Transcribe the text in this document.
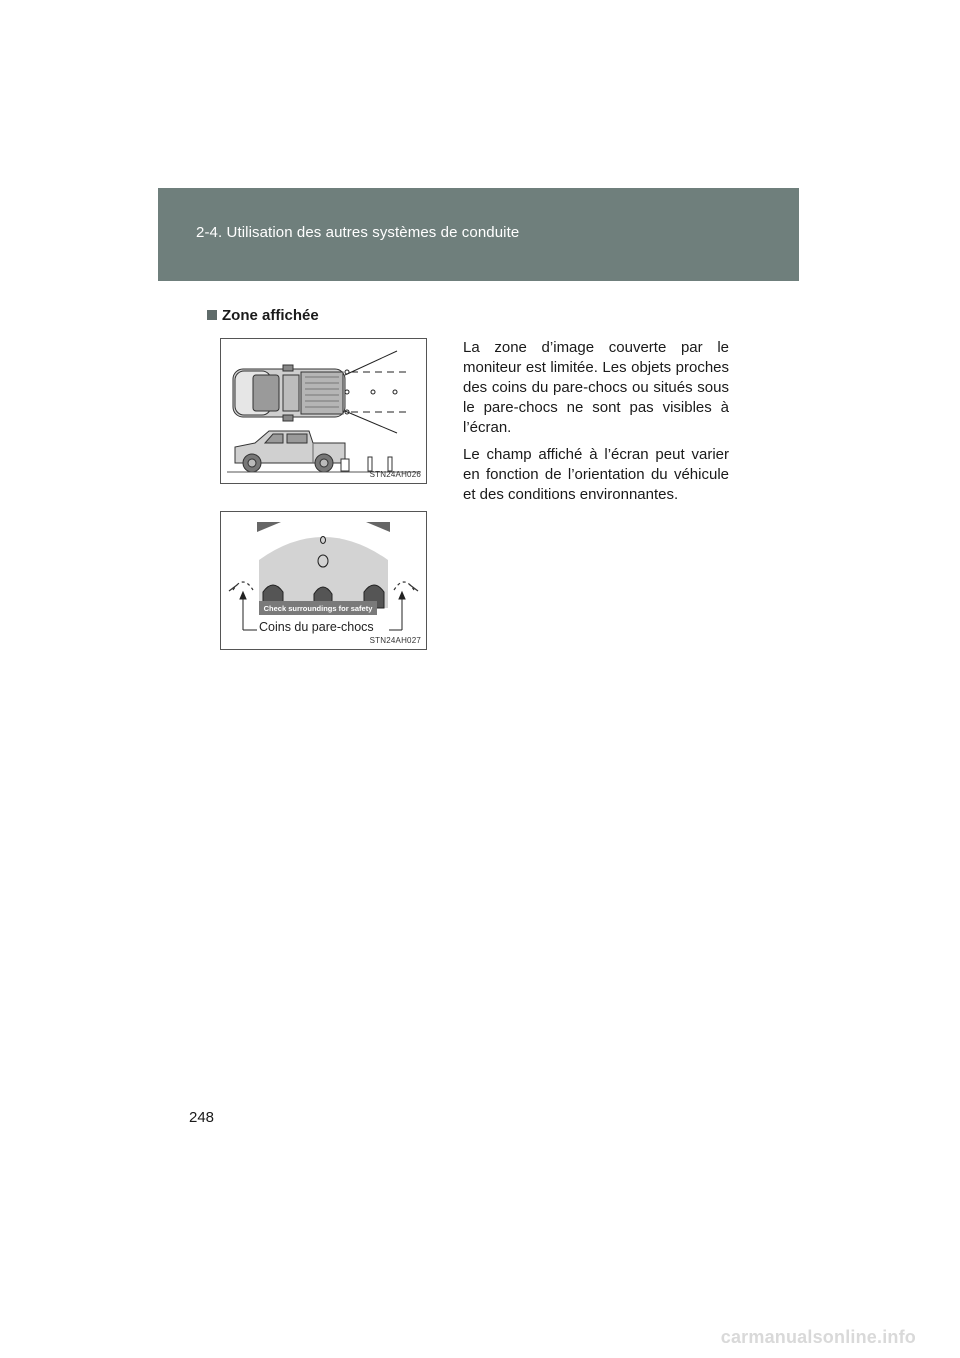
2-4. Utilisation des autres systèmes de conduite
Zone affichée
STN24AH026
Check surroundings for safety
Coins du pare-chocs
STN24AH027

La zone d’image couverte par le moniteur est limitée. Les objets proches des coins du pare-chocs ou situés sous le pare-chocs ne sont pas visibles à l’écran.

Le champ affiché à l’écran peut varier en fonction de l’orientation du véhicule et des conditions environnantes.

248
carmanualsonline.info
